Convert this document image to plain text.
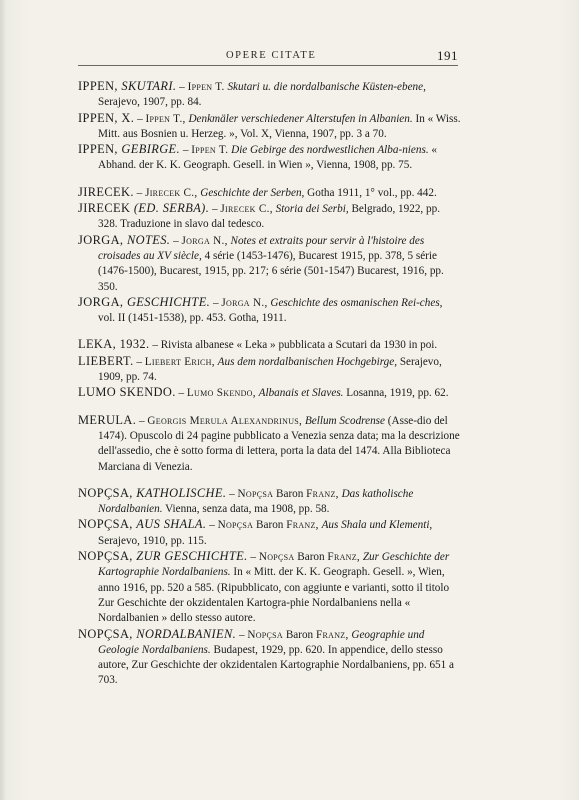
OPERE CITATE	191

IPPEN, SKUTARI. – Ippen T. Skutari u. die nordalbanische Küsten-ebene, Serajevo, 1907, pp. 84.

IPPEN, X. – Ippen T., Denkmäler verschiedener Alterstufen in Albanien. In « Wiss. Mitt. aus Bosnien u. Herzeg. », Vol. X, Vienna, 1907, pp. 3 a 70.

IPPEN, GEBIRGE. – Ippen T. Die Gebirge des nordwestlichen Alba-niens. « Abhand. der K. K. Geograph. Gesell. in Wien », Vienna, 1908, pp. 75.

JIRECEK. – Jirecek C., Geschichte der Serben, Gotha 1911, 1° vol., pp. 442.

JIRECEK (ED. SERBA). – Jirecek C., Storia dei Serbi, Belgrado, 1922, pp. 328. Traduzione in slavo dal tedesco.

JORGA, NOTES. – Jorga N., Notes et extraits pour servir à l'histoire des croisades au XV siècle, 4 série (1453-1476), Bucarest 1915, pp. 378, 5 série (1476-1500), Bucarest, 1915, pp. 217; 6 série (501-1547) Bucarest, 1916, pp. 350.

JORGA, GESCHICHTE. – Jorga N., Geschichte des osmanischen Rei-ches, vol. II (1451-1538), pp. 453. Gotha, 1911.

LEKA, 1932. – Rivista albanese « Leka » pubblicata a Scutari da 1930 in poi.

LIEBERT. – Liebert Erich, Aus dem nordalbanischen Hochgebirge, Serajevo, 1909, pp. 74.

LUMO SKENDO. – Lumo Skendo, Albanais et Slaves. Losanna, 1919, pp. 62.

MERULA. – Georgis Merula Alexandrinus, Bellum Scodrense (Asse-dio del 1474). Opuscolo di 24 pagine pubblicato a Venezia senza data; ma la descrizione dell'assedio, che è sotto forma di lettera, porta la data del 1474. Alla Biblioteca Marciana di Venezia.

NOPÇSA, KATHOLISCHE. – Nopçsa Baron Franz, Das katholische Nordalbanien. Vienna, senza data, ma 1908, pp. 58.

NOPÇSA, AUS SHALA. – Nopçsa Baron Franz, Aus Shala und Klementi, Serajevo, 1910, pp. 115.

NOPÇSA, ZUR GESCHICHTE. – Nopçsa Baron Franz, Zur Geschichte der Kartographie Nordalbaniens. In « Mitt. der K. K. Geograph. Gesell. », Wien, anno 1916, pp. 520 a 585. (Ripubblicato, con aggiunte e varianti, sotto il titolo Zur Geschichte der okzidentalen Kartogra-phie Nordalbaniens nella « Nordalbanien » dello stesso autore.

NOPÇSA, NORDALBANIEN. – Nopçsa Baron Franz, Geographie und Geologie Nordalbaniens. Budapest, 1929, pp. 620. In appendice, dello stesso autore, Zur Geschichte der okzidentalen Kartographie Nordalbaniens, pp. 651 a 703.
